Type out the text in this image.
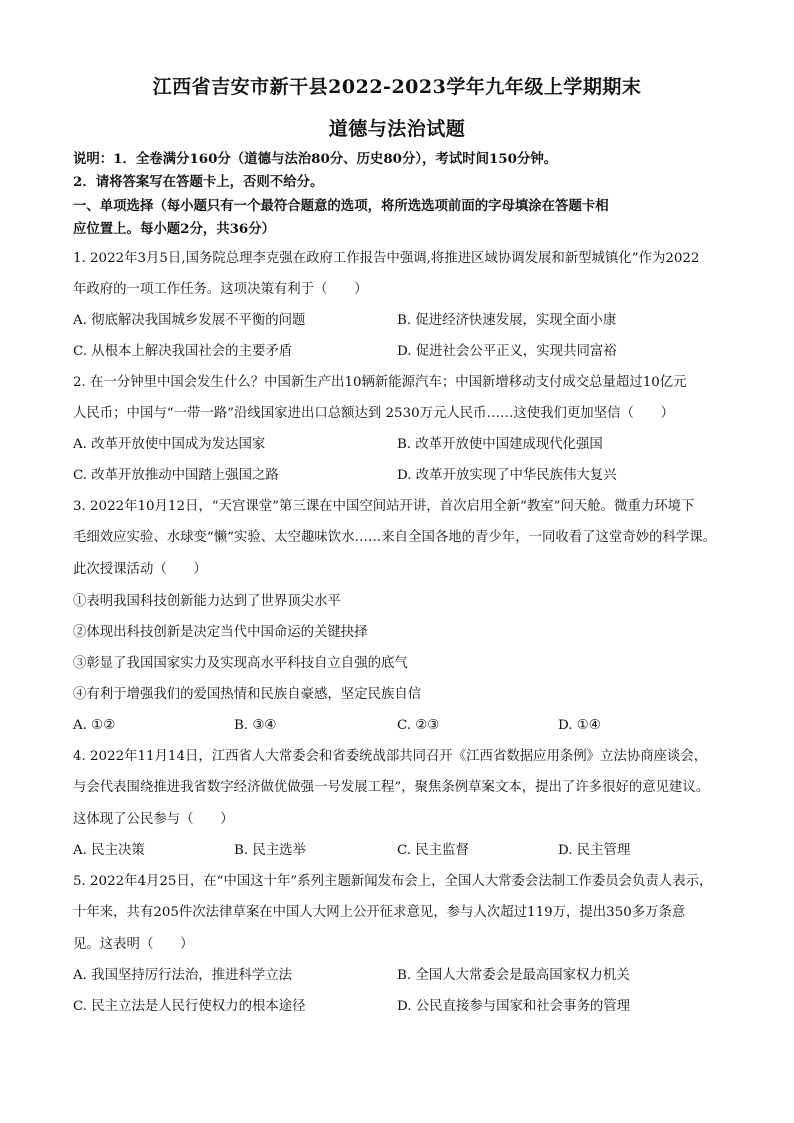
江西省吉安市新干县2022-2023学年九年级上学期期末
道德与法治试题
说明：1．全卷满分160分（道德与法治80分、历史80分），考试时间150分钟。
2．请将答案写在答题卡上，否则不给分。
一、单项选择（每小题只有一个最符合题意的选项，将所选选项前面的字母填涂在答题卡相
应位置上。每小题2分，共36分）
1. 2022年3月5日,国务院总理李克强在政府工作报告中强调,将推进区域协调发展和新型城镇化”作为2022
年政府的一项工作任务。这项决策有利于（　　）
A. 彻底解决我国城乡发展不平衡的问题	B. 促进经济快速发展，实现全面小康
C. 从根本上解决我国社会的主要矛盾	D. 促进社会公平正义，实现共同富裕
2. 在一分钟里中国会发生什么？中国新生产出10辆新能源汽车；中国新增移动支付成交总量超过10亿元
人民币；中国与“一带一路”沿线国家进出口总额达到 2530万元人民币……这使我们更加坚信（　　）
A. 改革开放使中国成为发达国家	B. 改革开放使中国建成现代化强国
C. 改革开放推动中国踏上强国之路	D. 改革开放实现了中华民族伟大复兴
3. 2022年10月12日，“天宫课堂”第三课在中国空间站开讲，首次启用全新“教室”问天舱。微重力环境下
毛细效应实验、水球变“懒”实验、太空趣味饮水……来自全国各地的青少年，一同收看了这堂奇妙的科学课。
此次授课活动（　　）
①表明我国科技创新能力达到了世界顶尖水平
②体现出科技创新是决定当代中国命运的关键抉择
③彰显了我国国家实力及实现高水平科技自立自强的底气
④有利于增强我们的爱国热情和民族自豪感，坚定民族自信
A. ①②	B. ③④	C. ②③	D. ①④
4. 2022年11月14日，江西省人大常委会和省委统战部共同召开《江西省数据应用条例》立法协商座谈会，
与会代表围绕推进我省数字经济做优做强一号发展工程”，聚焦条例草案文本，提出了许多很好的意见建议。
这体现了公民参与（　　）
A. 民主决策	B. 民主选举	C. 民主监督	D. 民主管理
5. 2022年4月25日，在“中国这十年”系列主题新闻发布会上，全国人大常委会法制工作委员会负责人表示，
十年来，共有205件次法律草案在中国人大网上公开征求意见，参与人次超过119万，提出350多万条意
见。这表明（　　）
A. 我国坚持厉行法治，推进科学立法	B. 全国人大常委会是最高国家权力机关
C. 民主立法是人民行使权力的根本途径	D. 公民直接参与国家和社会事务的管理
